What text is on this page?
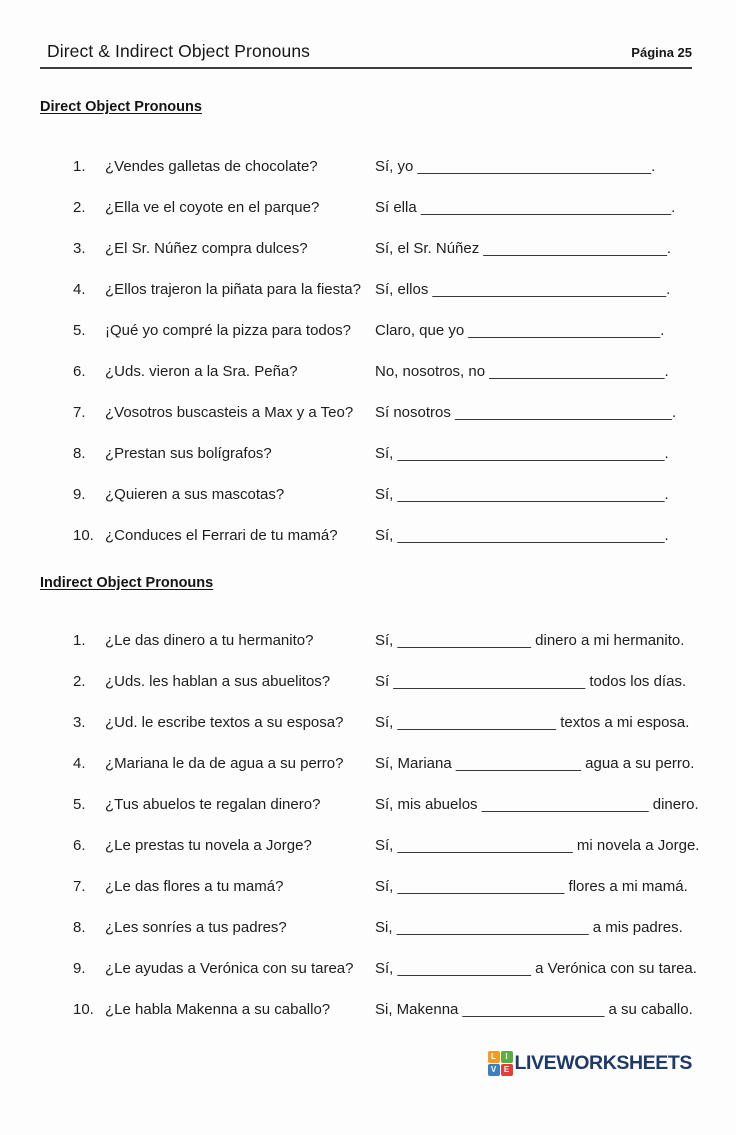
Direct & Indirect Object Pronouns	Página 25
Direct Object Pronouns
1.	¿Vendes galletas de chocolate?	Sí, yo ____________________________.
2.	¿Ella ve el coyote en el parque?	Sí ella ______________________________.
3.	¿El Sr. Núñez compra dulces?	Sí, el Sr. Núñez ______________________.
4.	¿Ellos trajeron la piñata para la fiesta? Sí, ellos ____________________________.
5.	¡Qué yo compré la pizza para todos?	Claro, que yo _______________________.
6.	¿Uds. vieron a la Sra. Peña?	No, nosotros, no _____________________.
7.	¿Vosotros buscasteis a Max y a Teo?	Sí nosotros __________________________.
8.	¿Prestan sus bolígrafos?	Sí, ________________________________.
9.	¿Quieren a sus mascotas?	Sí, ________________________________.
10. ¿Conduces el Ferrari de tu mamá?	Sí, ________________________________.
Indirect Object Pronouns
1.	¿Le das dinero a tu hermanito?	Sí, ________________ dinero a mi hermanito.
2.	¿Uds. les hablan a sus abuelitos?	Sí _______________________ todos los días.
3.	¿Ud. le escribe textos a su esposa?	Sí, ___________________ textos a mi esposa.
4.	¿Mariana le da de agua a su perro?	Sí, Mariana _______________ agua a su perro.
5.	¿Tus abuelos te regalan dinero?	Sí, mis abuelos ____________________ dinero.
6.	¿Le prestas tu novela a Jorge?	Sí, _____________________ mi novela a Jorge.
7.	¿Le das flores a tu mamá?	Sí, ____________________ flores a mi mamá.
8.	¿Les sonríes a tus padres?	Si, _______________________ a mis padres.
9.	¿Le ayudas a Verónica con su tarea?	Sí, ________________ a Verónica con su tarea.
10. ¿Le habla Makenna a su caballo?	Si, Makenna _________________ a su caballo.
L	I
V E LIVEWORKSHEETS
